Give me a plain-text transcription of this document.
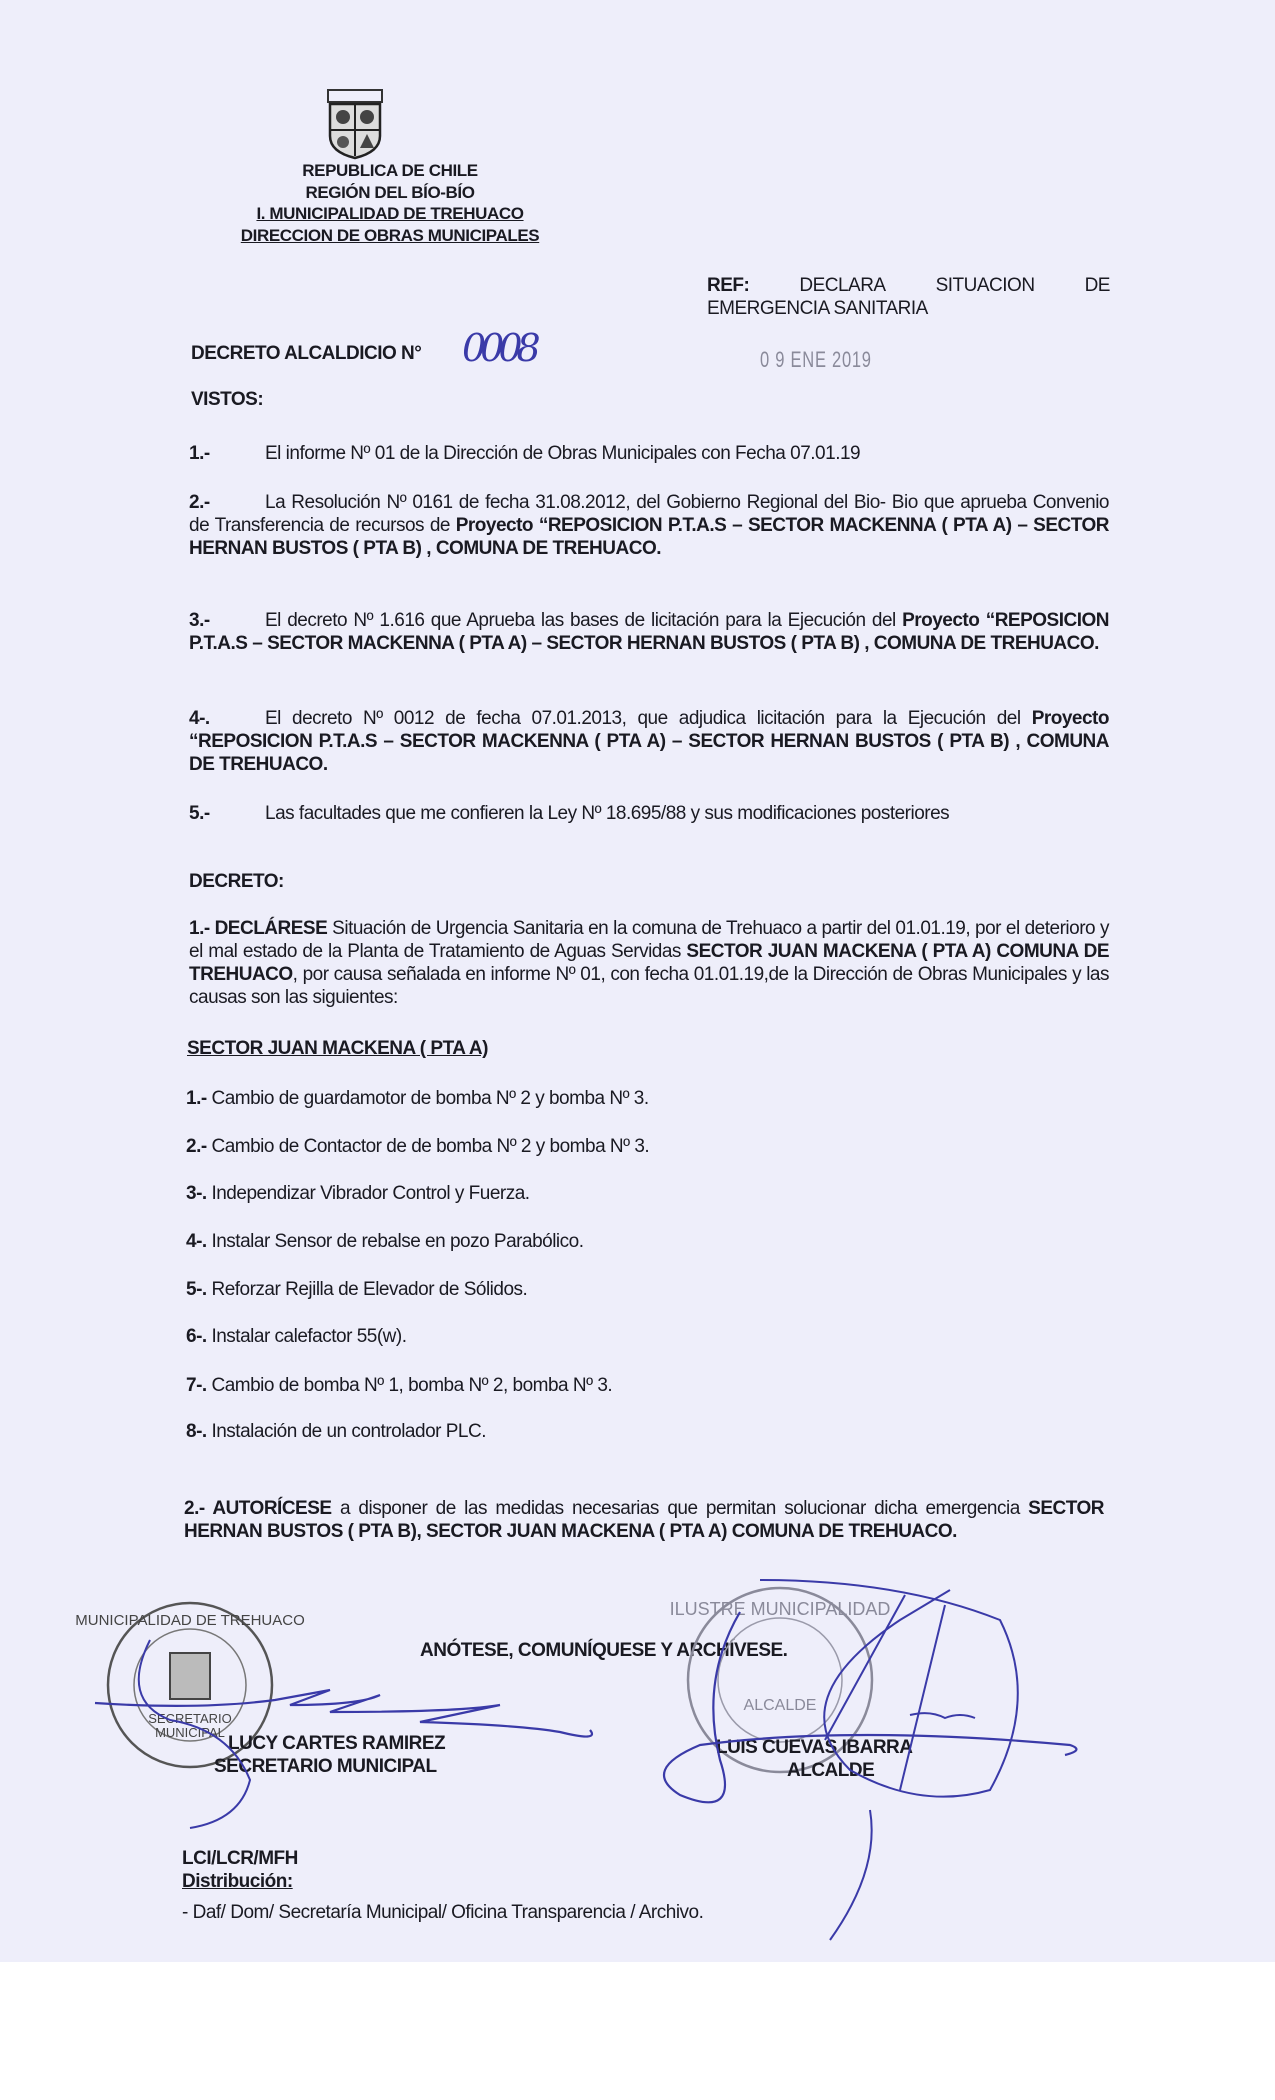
REPUBLICA DE CHILE
REGIÓN DEL BÍO-BÍO
I. MUNICIPALIDAD DE TREHUACO
DIRECCION DE OBRAS MUNICIPALES
REF:	DECLARA	SITUACION	DE
EMERGENCIA SANITARIA
DECRETO ALCALDICIO N° 0008	0 9 ENE 2019
VISTOS:
1.-	El informe Nº 01 de la Dirección de Obras Municipales con Fecha 07.01.19
2.-	La Resolución Nº 0161 de fecha 31.08.2012, del Gobierno Regional del Bio- Bio que aprueba Convenio de Transferencia de recursos de Proyecto “REPOSICION P.T.A.S – SECTOR MACKENNA ( PTA A) – SECTOR HERNAN BUSTOS ( PTA B) , COMUNA DE TREHUACO.
3.-	El decreto Nº 1.616 que Aprueba las bases de licitación para la Ejecución del Proyecto “REPOSICION P.T.A.S – SECTOR MACKENNA ( PTA A) – SECTOR HERNAN BUSTOS ( PTA B) , COMUNA DE TREHUACO.
4-.	El decreto Nº 0012 de fecha 07.01.2013, que adjudica licitación para la Ejecución del Proyecto “REPOSICION P.T.A.S – SECTOR MACKENNA ( PTA A) – SECTOR HERNAN BUSTOS ( PTA B) , COMUNA DE TREHUACO.
5.-	Las facultades que me confieren la Ley Nº 18.695/88 y sus modificaciones posteriores
DECRETO:
1.- DECLÁRESE Situación de Urgencia Sanitaria en la comuna de Trehuaco a partir del 01.01.19, por el deterioro y el mal estado de la Planta de Tratamiento de Aguas Servidas SECTOR JUAN MACKENA ( PTA A) COMUNA DE TREHUACO, por causa señalada en informe Nº 01, con fecha 01.01.19,de la Dirección de Obras Municipales y las causas son las siguientes:
SECTOR JUAN MACKENA ( PTA A)
1.- Cambio de guardamotor de bomba Nº 2 y bomba Nº 3.
2.- Cambio de Contactor de de bomba Nº 2 y bomba Nº 3.
3-. Independizar Vibrador Control y Fuerza.
4-. Instalar Sensor de rebalse en pozo Parabólico.
5-. Reforzar Rejilla de Elevador de Sólidos.
6-. Instalar calefactor 55(w).
7-. Cambio de bomba Nº 1, bomba Nº 2, bomba Nº 3.
8-. Instalación de un controlador PLC.
2.- AUTORÍCESE a disponer de las medidas necesarias que permitan solucionar dicha emergencia SECTOR HERNAN BUSTOS ( PTA B), SECTOR JUAN MACKENA ( PTA A) COMUNA DE TREHUACO.
ANÓTESE, COMUNÍQUESE Y ARCHÍVESE.
MUNICIPALIDAD DE TREHUACO
SECRETARIO
MUNICIPAL
ILUSTRE MUNICIPALIDAD
ALCALDE
LUCY CARTES RAMIREZ
SECRETARIO MUNICIPAL
LUIS CUEVAS IBARRA
ALCALDE
LCI/LCR/MFH
Distribución:
- Daf/ Dom/ Secretaría Municipal/ Oficina Transparencia / Archivo.
